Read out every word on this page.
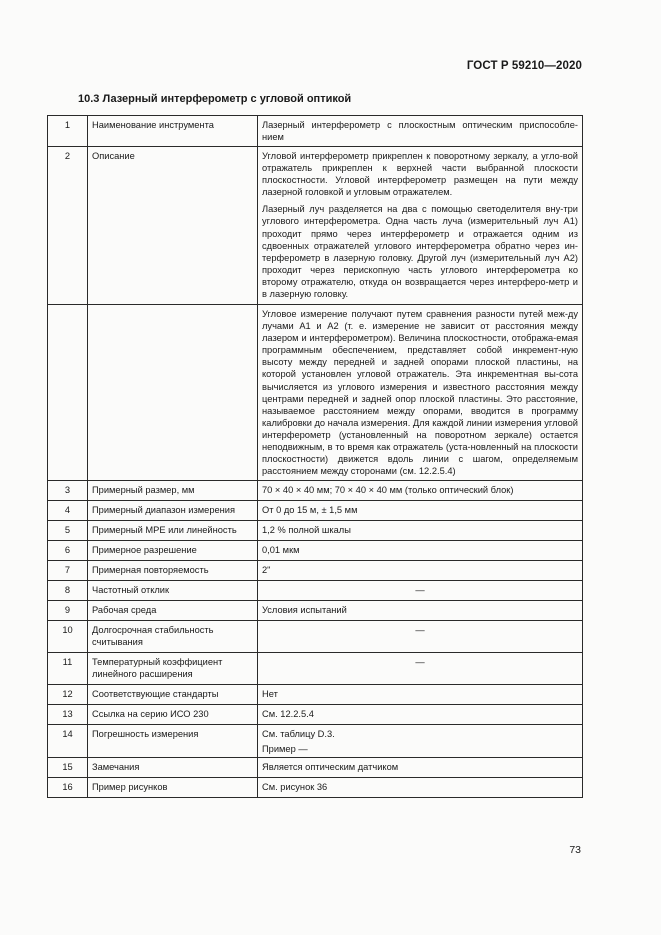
ГОСТ Р 59210—2020
10.3 Лазерный интерферометр с угловой оптикой
1	Наименование инструмента	Лазерный интерферометр с плоскостным оптическим приспособле-нием
2	Описание	Угловой интерферометр прикреплен к поворотному зеркалу, а угло-вой отражатель прикреплен к верхней части выбранной плоскости плоскостности. Угловой интерферометр размещен на пути между лазерной головкой и угловым отражателем.

Лазерный луч разделяется на два с помощью светоделителя вну-три углового интерферометра. Одна часть луча (измерительный луч А1) проходит прямо через интерферометр и отражается одним из сдвоенных отражателей углового интерферометра обратно через ин-терферометр в лазерную головку. Другой луч (измерительный луч А2) проходит через перископную часть углового интерферометра ко второму отражателю, откуда он возвращается через интерферо-метр и в лазерную головку.

		Угловое измерение получают путем сравнения разности путей меж-ду лучами А1 и А2 (т. е. измерение не зависит от расстояния между лазером и интерферометром). Величина плоскостности, отобража-емая программным обеспечением, представляет собой инкремент-ную высоту между передней и задней опорами плоской пластины, на которой установлен угловой отражатель. Эта инкрементная вы-сота вычисляется из углового измерения и известного расстояния между центрами передней и задней опор плоской пластины. Это расстояние, называемое расстоянием между опорами, вводится в программу калибровки до начала измерения. Для каждой линии измерения угловой интерферометр (установленный на поворотном зеркале) остается неподвижным, в то время как отражатель (уста-новленный на плоскости плоскостности) движется вдоль линии с шагом, определяемым расстоянием между сторонами (см. 12.2.5.4)
3	Примерный размер, мм	70 × 40 × 40 мм; 70 × 40 × 40 мм (только оптический блок)
4	Примерный диапазон измерения	От 0 до 15 м, ± 1,5 мм
5	Примерный MPE или линейность	1,2 % полной шкалы
6	Примерное разрешение	0,01 мкм
7	Примерная повторяемость	2"
8	Частотный отклик	—
9	Рабочая среда	Условия испытаний
10	Долгосрочная стабильность считывания	—
11	Температурный коэффициент линейного расширения	—
12	Соответствующие стандарты	Нет
13	Ссылка на серию ИСО 230	См. 12.2.5.4
14	Погрешность измерения	См. таблицу D.3.

Пример —

15	Замечания	Является оптическим датчиком
16	Пример рисунков	См. рисунок 36
73
